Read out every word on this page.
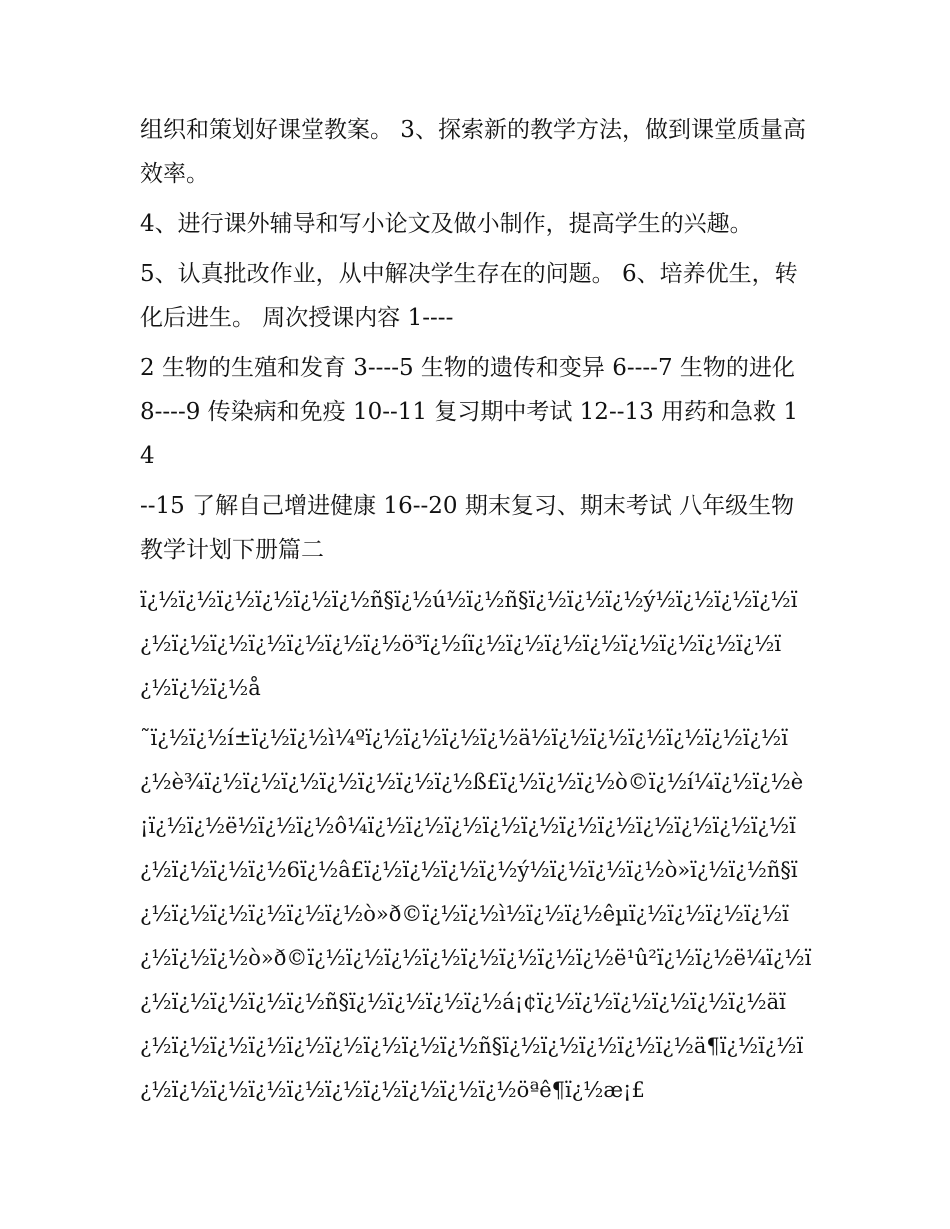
组织和策划好课堂教案。 3、探索新的教学方法，做到课堂质量高效率。

4、进行课外辅导和写小论文及做小制作，提高学生的兴趣。

5、认真批改作业，从中解决学生存在的问题。 6、培养优生，转化后进生。 周次授课内容 1----

2 生物的生殖和发育 3----5 生物的遗传和变异 6----7 生物的进化 8----9 传染病和免疫 10--11 复习期中考试 12--13 用药和急救 14

--15 了解自己增进健康 16--20 期末复习、期末考试 八年级生物教学计划下册篇二

ï¿½ï¿½ï¿½ï¿½ï¿½ï¿½ñ§ï¿½ú½ï¿½ñ§ï¿½ï¿½ï¿½ý½ï¿½ï¿½ï¿½ï¿½ï¿½ï¿½ï¿½ï¿½ï¿½ï¿½ö³ï¿½íï¿½ï¿½ï¿½ï¿½ï¿½ï¿½ï¿½ï¿½ï¿½ï¿½ï¿½å

˜ï¿½ï¿½í±ï¿½ï¿½ì¼ºï¿½ï¿½ï¿½ï¿½ä½ï¿½ï¿½ï¿½ï¿½ï¿½ï¿½ï¿½è¾ï¿½ï¿½ï¿½ï¿½ï¿½ï¿½ï¿½ß£ï¿½ï¿½ï¿½ò©ï¿½í¼ï¿½ï¿½è¡ï¿½ï¿½ë½ï¿½ï¿½ô¼ï¿½ï¿½ï¿½ï¿½ï¿½ï¿½ï¿½ï¿½ï¿½ï¿½ï¿½ï¿½ï¿½ï¿½ï¿½6ï¿½â£ï¿½ï¿½ï¿½ï¿½ý½ï¿½ï¿½ï¿½ò»ï¿½ï¿½ñ§ï¿½ï¿½ï¿½ï¿½ï¿½ï¿½ò»ð©ï¿½ï¿½ì½ï¿½ï¿½êµï¿½ï¿½ï¿½ï¿½ï¿½ï¿½ï¿½ò»ð©ï¿½ï¿½ï¿½ï¿½ï¿½ï¿½ï¿½ï¿½ë¹û²ï¿½ï¿½ë¼ï¿½ï¿½ï¿½ï¿½ï¿½ï¿½ñ§ï¿½ï¿½ï¿½ï¿½á¡¢ï¿½ï¿½ï¿½ï¿½ï¿½ï¿½äï¿½ï¿½ï¿½ï¿½ï¿½ï¿½ï¿½ï¿½ï¿½ñ§ï¿½ï¿½ï¿½ï¿½ï¿½ä¶ï¿½ï¿½ï¿½ï¿½ï¿½ï¿½ï¿½ï¿½ï¿½ï¿½ï¿½ï¿½öªê¶ï¿½æ¡£
